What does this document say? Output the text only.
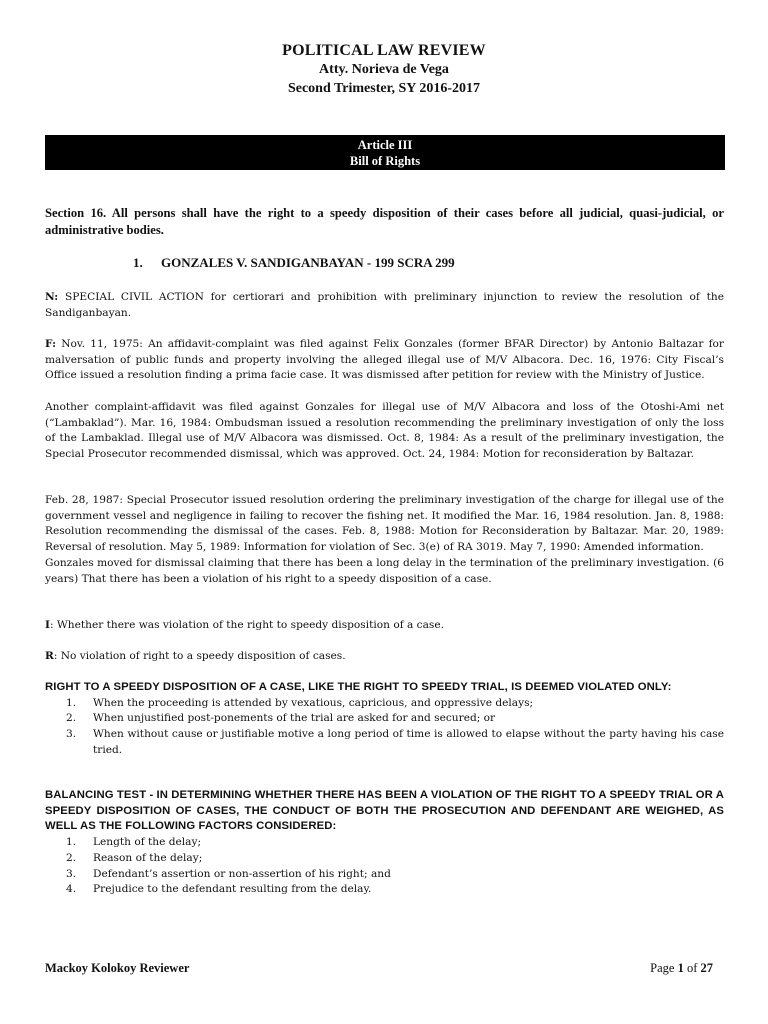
POLITICAL LAW REVIEW
Atty. Norieva de Vega
Second Trimester, SY 2016-2017
Article III
Bill of Rights
Section 16. All persons shall have the right to a speedy disposition of their cases before all judicial, quasi-judicial, or administrative bodies.
1. GONZALES V. SANDIGANBAYAN - 199 SCRA 299
N: SPECIAL CIVIL ACTION for certiorari and prohibition with preliminary injunction to review the resolution of the Sandiganbayan.
F: Nov. 11, 1975: An affidavit-complaint was filed against Felix Gonzales (former BFAR Director) by Antonio Baltazar for malversation of public funds and property involving the alleged illegal use of M/V Albacora. Dec. 16, 1976: City Fiscal’s Office issued a resolution finding a prima facie case. It was dismissed after petition for review with the Ministry of Justice.
Another complaint-affidavit was filed against Gonzales for illegal use of M/V Albacora and loss of the Otoshi-Ami net (“Lambaklad”). Mar. 16, 1984: Ombudsman issued a resolution recommending the preliminary investigation of only the loss of the Lambaklad. Illegal use of M/V Albacora was dismissed. Oct. 8, 1984: As a result of the preliminary investigation, the Special Prosecutor recommended dismissal, which was approved. Oct. 24, 1984: Motion for reconsideration by Baltazar.
Feb. 28, 1987: Special Prosecutor issued resolution ordering the preliminary investigation of the charge for illegal use of the government vessel and negligence in failing to recover the fishing net. It modified the Mar. 16, 1984 resolution. Jan. 8, 1988: Resolution recommending the dismissal of the cases. Feb. 8, 1988: Motion for Reconsideration by Baltazar. Mar. 20, 1989: Reversal of resolution. May 5, 1989: Information for violation of Sec. 3(e) of RA 3019. May 7, 1990: Amended information.
Gonzales moved for dismissal claiming that there has been a long delay in the termination of the preliminary investigation. (6 years) That there has been a violation of his right to a speedy disposition of a case.
I: Whether there was violation of the right to speedy disposition of a case.
R: No violation of right to a speedy disposition of cases.
RIGHT TO A SPEEDY DISPOSITION OF A CASE, LIKE THE RIGHT TO SPEEDY TRIAL, IS DEEMED VIOLATED ONLY:
1. When the proceeding is attended by vexatious, capricious, and oppressive delays;
2. When unjustified post-ponements of the trial are asked for and secured; or
3. When without cause or justifiable motive a long period of time is allowed to elapse without the party having his case tried.
BALANCING TEST - IN DETERMINING WHETHER THERE HAS BEEN A VIOLATION OF THE RIGHT TO A SPEEDY TRIAL OR A SPEEDY DISPOSITION OF CASES, THE CONDUCT OF BOTH THE PROSECUTION AND DEFENDANT ARE WEIGHED, AS WELL AS THE FOLLOWING FACTORS CONSIDERED:
1. Length of the delay;
2. Reason of the delay;
3. Defendant’s assertion or non-assertion of his right; and
4. Prejudice to the defendant resulting from the delay.
Mackoy Kolokoy Reviewer	Page 1 of 27
